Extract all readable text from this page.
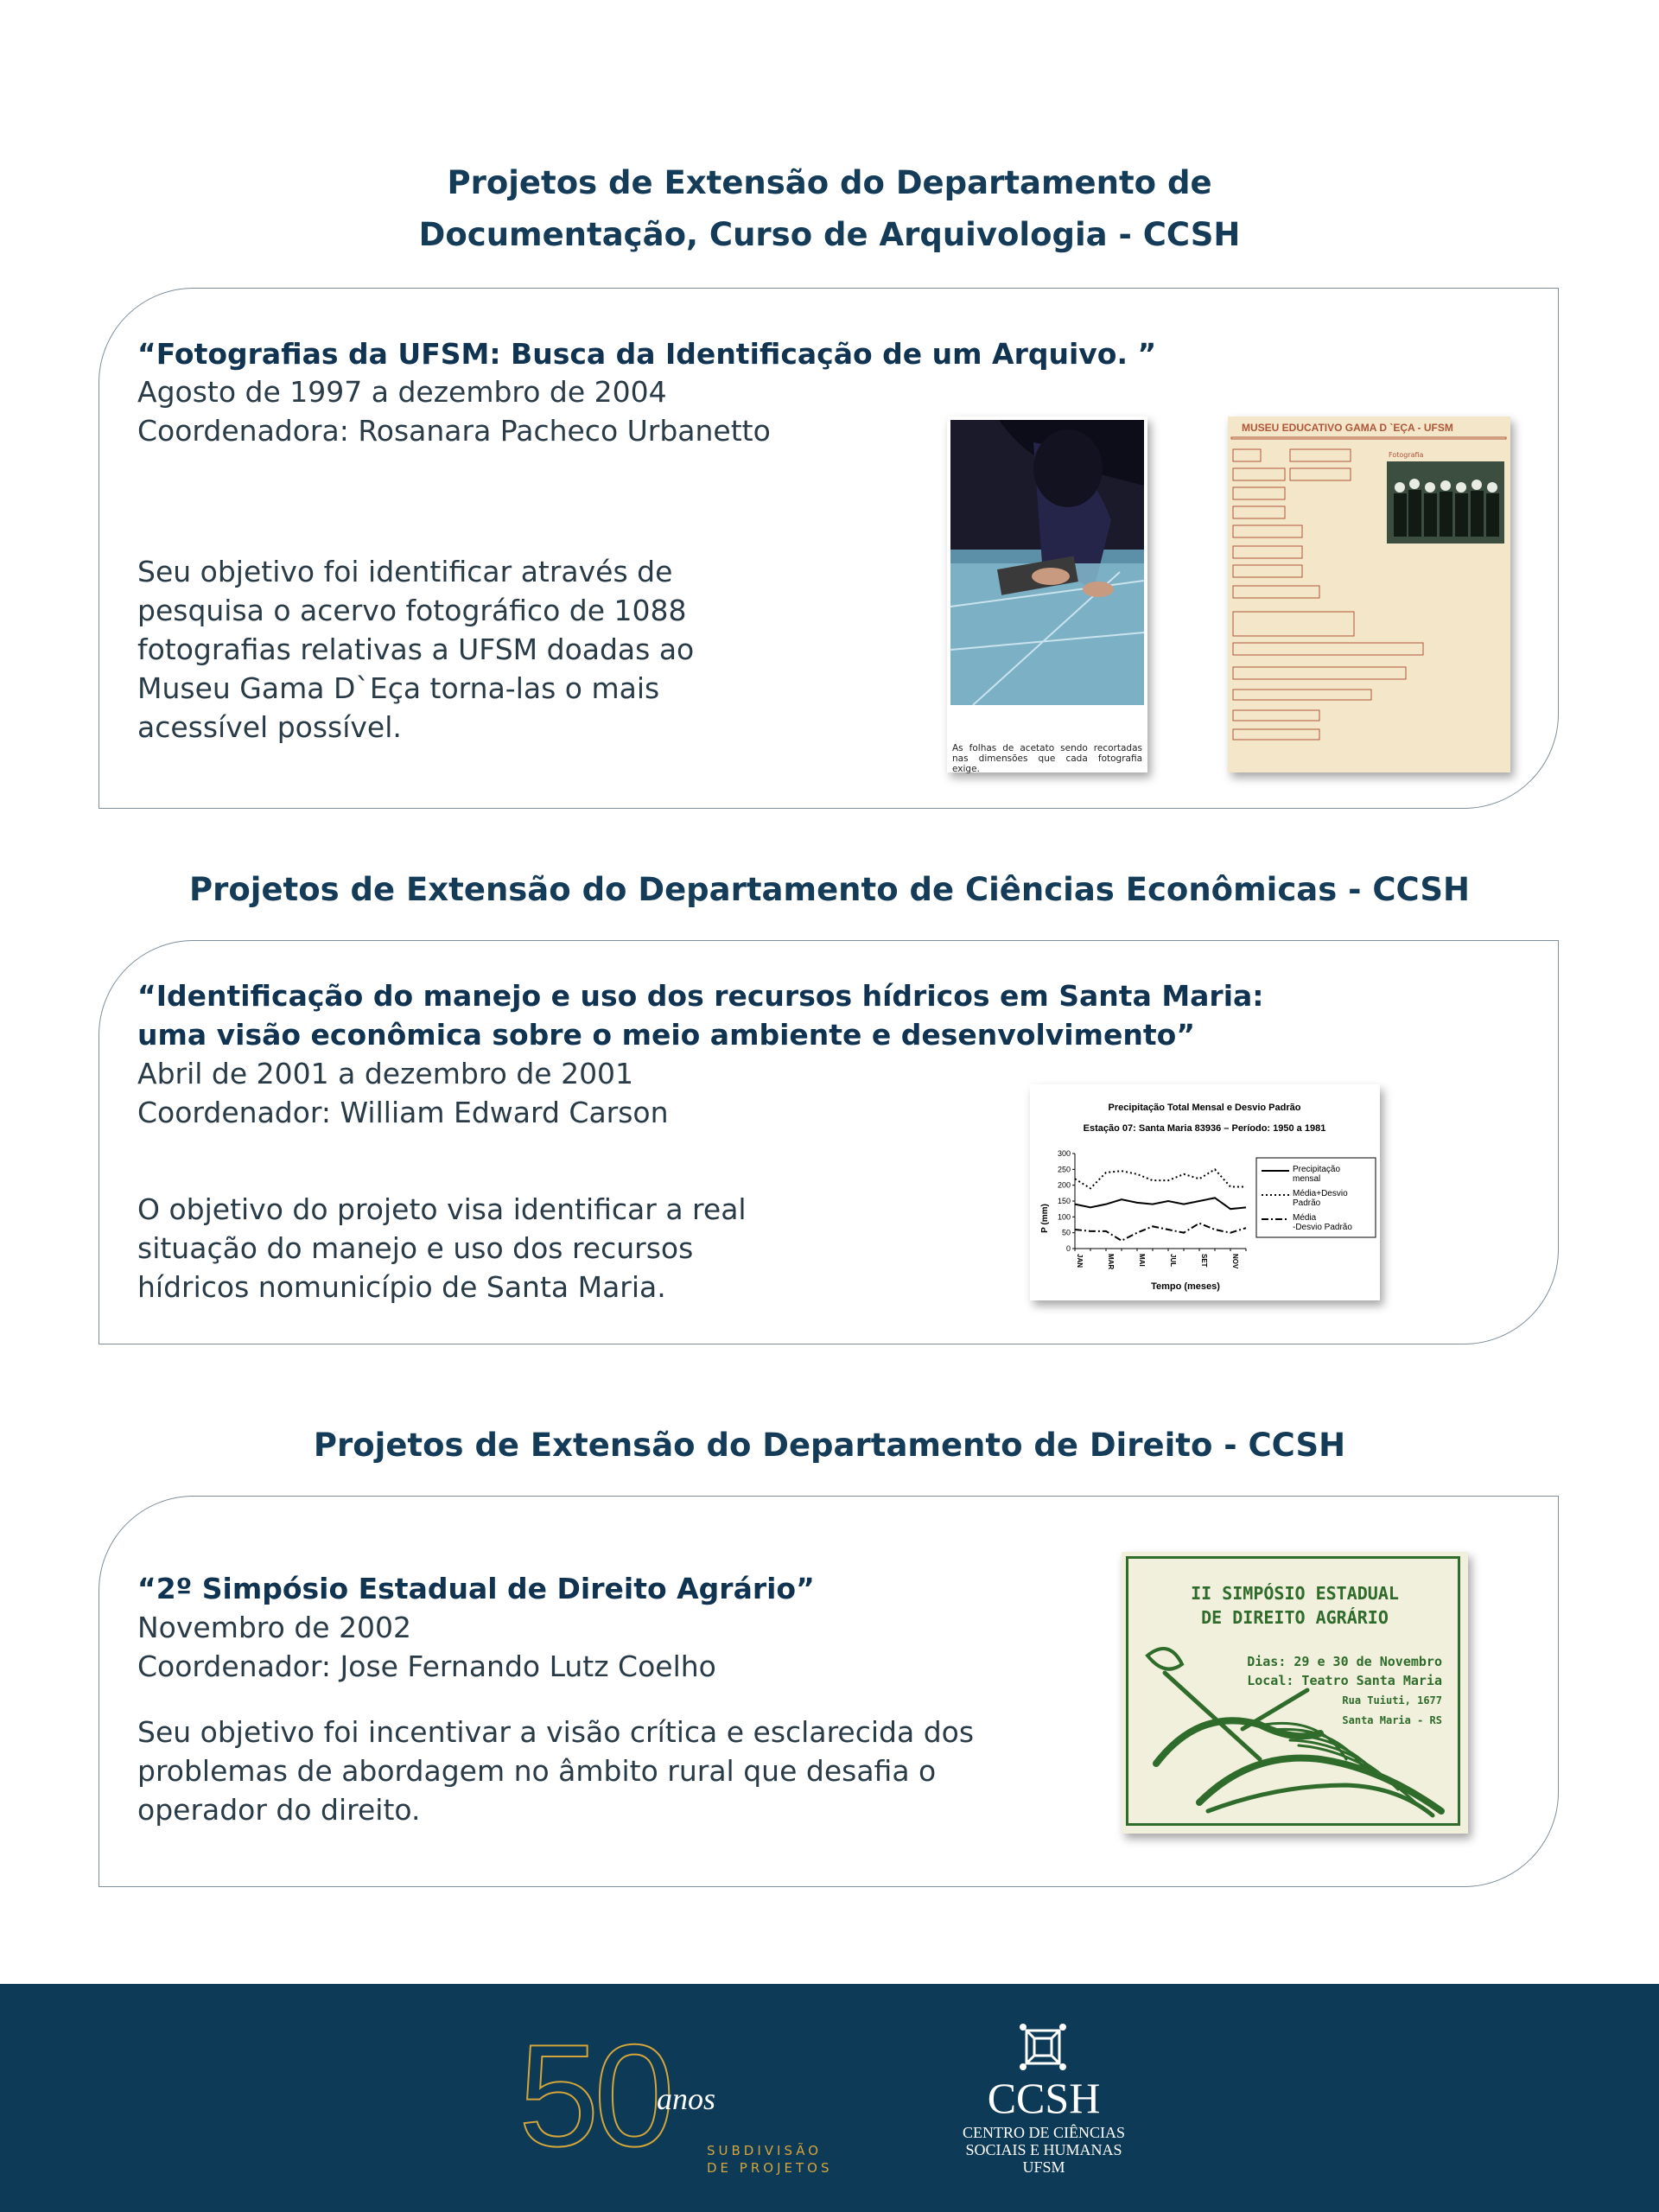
Projetos de Extensão do Departamento de
Documentação, Curso de Arquivologia - CCSH

“Fotografias da UFSM: Busca da Identificação de um Arquivo. ”

Agosto de 1997 a dezembro de 2004

Coordenadora: Rosanara Pacheco Urbanetto

Seu objetivo foi identificar através de pesquisa o acervo fotográfico de 1088 fotografias relativas a UFSM doadas ao Museu Gama D`Eça torna-las o mais acessível possível.

As folhas de acetato sendo recortadas nas dimensões que cada fotografia exige.
MUSEU EDUCATIVO GAMA D `EÇA - UFSM
Fotografia
Projetos de Extensão do Departamento de Ciências Econômicas - CCSH

“Identificação do manejo e uso dos recursos hídricos em Santa Maria:
uma visão econômica sobre o meio ambiente e desenvolvimento”

Abril de 2001 a dezembro de 2001

Coordenador: William Edward Carson

O objetivo do projeto visa identificar a real situação do manejo e uso dos recursos hídricos nomunicípio de Santa Maria.

Precipitação Total Mensal e Desvio Padrão
Estação 07: Santa Maria 83936 – Período: 1950 a 1981
P (mm)
Tempo (meses)
0
50
100
150
200
250
300
JAN	MAR	MAI	JUL	SET	NOV
Precipitação
mensal
Média+Desvio
Padrão
Média
-Desvio Padrão
Projetos de Extensão do Departamento de Direito - CCSH

“2º Simpósio Estadual de Direito Agrário”

Novembro de 2002

Coordenador: Jose Fernando Lutz Coelho

Seu objetivo foi incentivar a visão crítica e esclarecida dos problemas de abordagem no âmbito rural que desafia o operador do direito.

II SIMPÓSIO ESTADUAL
DE DIREITO AGRÁRIO
Dias: 29 e 30 de Novembro
Local: Teatro Santa Maria
Rua Tuiuti, 1677
Santa Maria - RS
50
anos
SUBDIVISÃO
DE PROJETOS
CCSH
CENTRO DE CIÊNCIAS
SOCIAIS E HUMANAS
UFSM
